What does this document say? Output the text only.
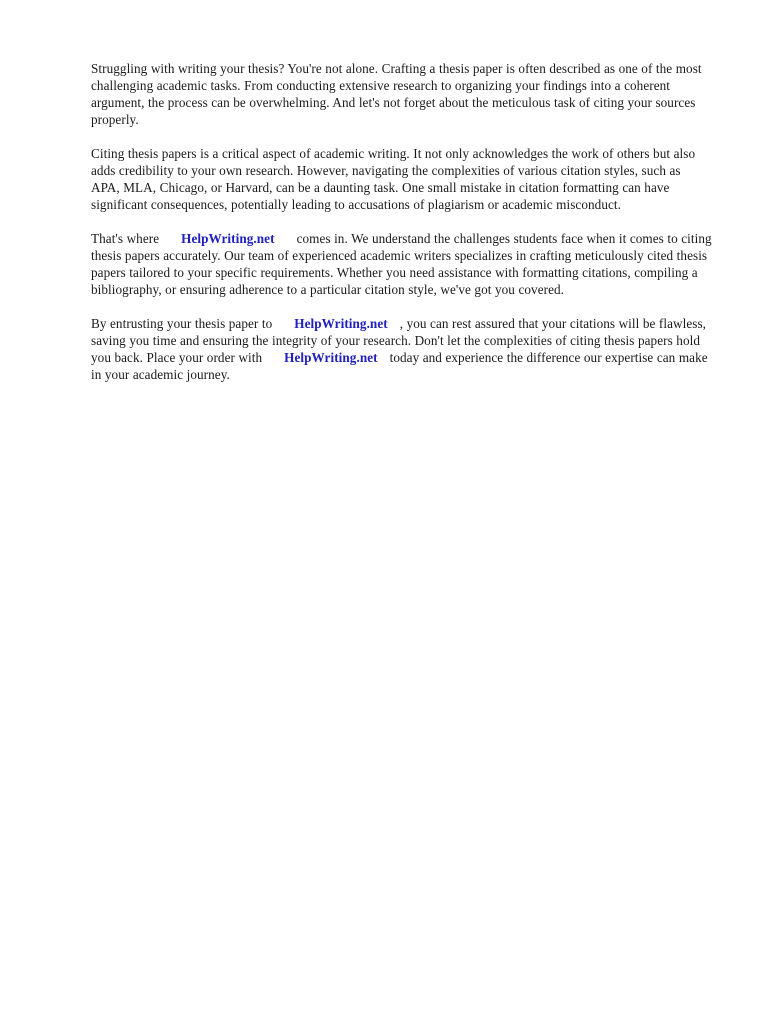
Struggling with writing your thesis? You're not alone. Crafting a thesis paper is often described as one of the most challenging academic tasks. From conducting extensive research to organizing your findings into a coherent argument, the process can be overwhelming. And let's not forget about the meticulous task of citing your sources properly.

Citing thesis papers is a critical aspect of academic writing. It not only acknowledges the work of others but also adds credibility to your own research. However, navigating the complexities of various citation styles, such as APA, MLA, Chicago, or Harvard, can be a daunting task. One small mistake in citation formatting can have significant consequences, potentially leading to accusations of plagiarism or academic misconduct.

That's where HelpWriting.net comes in. We understand the challenges students face when it comes to citing thesis papers accurately. Our team of experienced academic writers specializes in crafting meticulously cited thesis papers tailored to your specific requirements. Whether you need assistance with formatting citations, compiling a bibliography, or ensuring adherence to a particular citation style, we've got you covered.

By entrusting your thesis paper to HelpWriting.net , you can rest assured that your citations will be flawless, saving you time and ensuring the integrity of your research. Don't let the complexities of citing thesis papers hold you back. Place your order with HelpWriting.net today and experience the difference our expertise can make in your academic journey.
